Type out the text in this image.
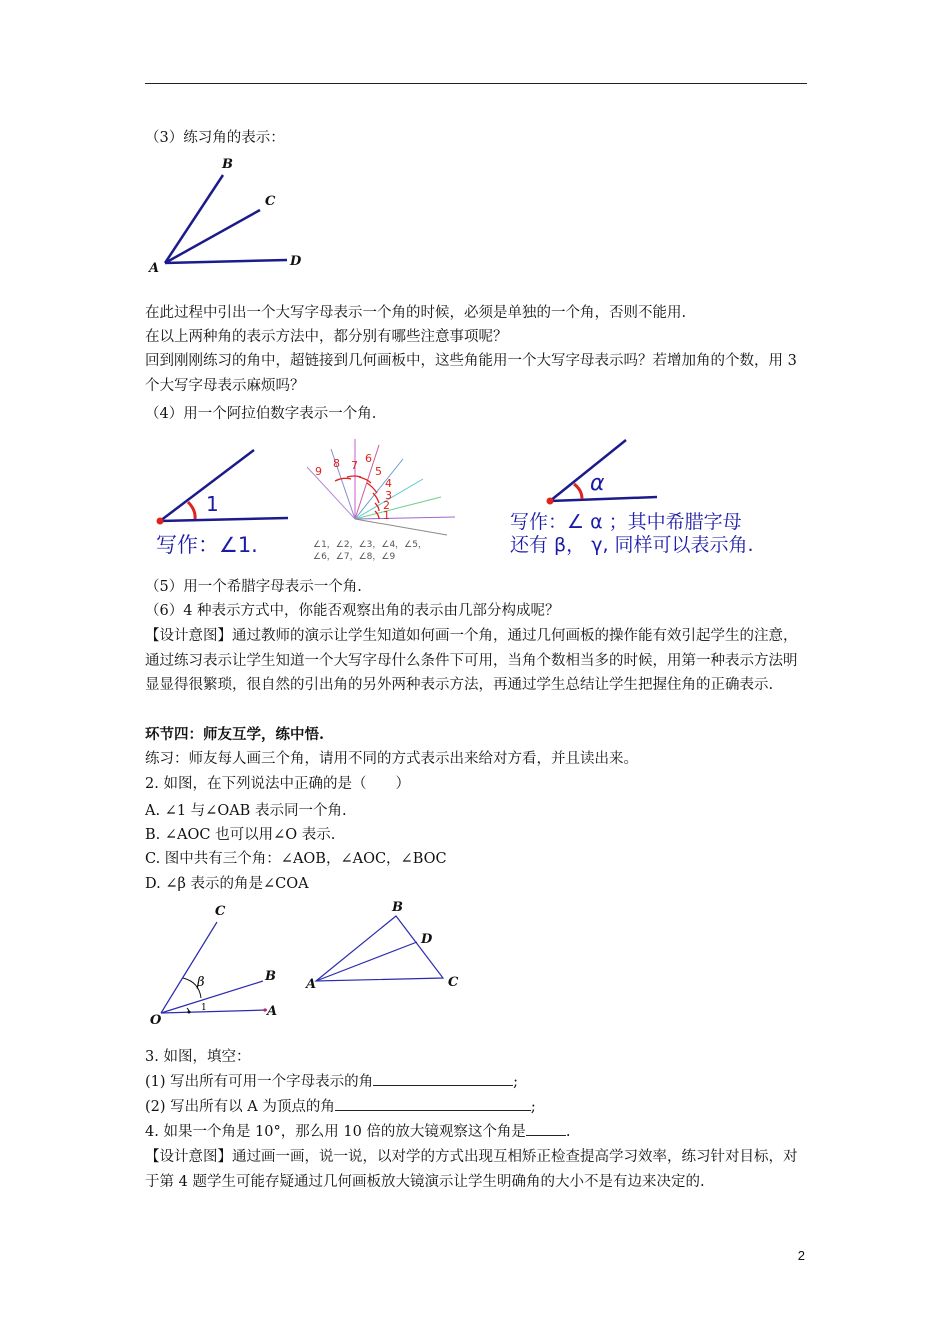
（3）练习角的表示：
B
C
A	D
在此过程中引出一个大写字母表示一个角的时候，必须是单独的一个角，否则不能用.
在以上两种角的表示方法中，都分别有哪些注意事项呢？
回到刚刚练习的角中，超链接到几何画板中，这些角能用一个大写字母表示吗？若增加角的个数，用 3 个大写字母表示麻烦吗？
（4）用一个阿拉伯数字表示一个角.
1
写作：∠1.
9
8 7
6
5
4
3
2
1
∠1，∠2，∠3，∠4，∠5，
∠6，∠7，∠8，∠9
α
写作：∠ α ；其中希腊字母
还有 β， γ, 同样可以表示角.
（5）用一个希腊字母表示一个角.
（6）4 种表示方式中，你能否观察出角的表示由几部分构成呢？
【设计意图】通过教师的演示让学生知道如何画一个角，通过几何画板的操作能有效引起学生的注意，通过练习表示让学生知道一个大写字母什么条件下可用，当角个数相当多的时候，用第一种表示方法明显显得很繁琐，很自然的引出角的另外两种表示方法，再通过学生总结让学生把握住角的正确表示.
环节四：师友互学，练中悟.
练习：师友每人画三个角，请用不同的方式表示出来给对方看，并且读出来。
2. 如图，在下列说法中正确的是（　　）
A. ∠1 与∠OAB 表示同一个角.
B. ∠AOC 也可以用∠O 表示.
C. 图中共有三个角：∠AOB，∠AOC，∠BOC
D. ∠β 表示的角是∠COA
C
β	B
O
1	A
B
D
A	C
3. 如图，填空：
(1) 写出所有可用一个字母表示的角	;
(2) 写出所有以 A 为顶点的角	;
4. 如果一个角是 10°，那么用 10 倍的放大镜观察这个角是	.
【设计意图】通过画一画，说一说，以对学的方式出现互相矫正检查提高学习效率，练习针对目标，对于第 4 题学生可能存疑通过几何画板放大镜演示让学生明确角的大小不是有边来决定的.
2
